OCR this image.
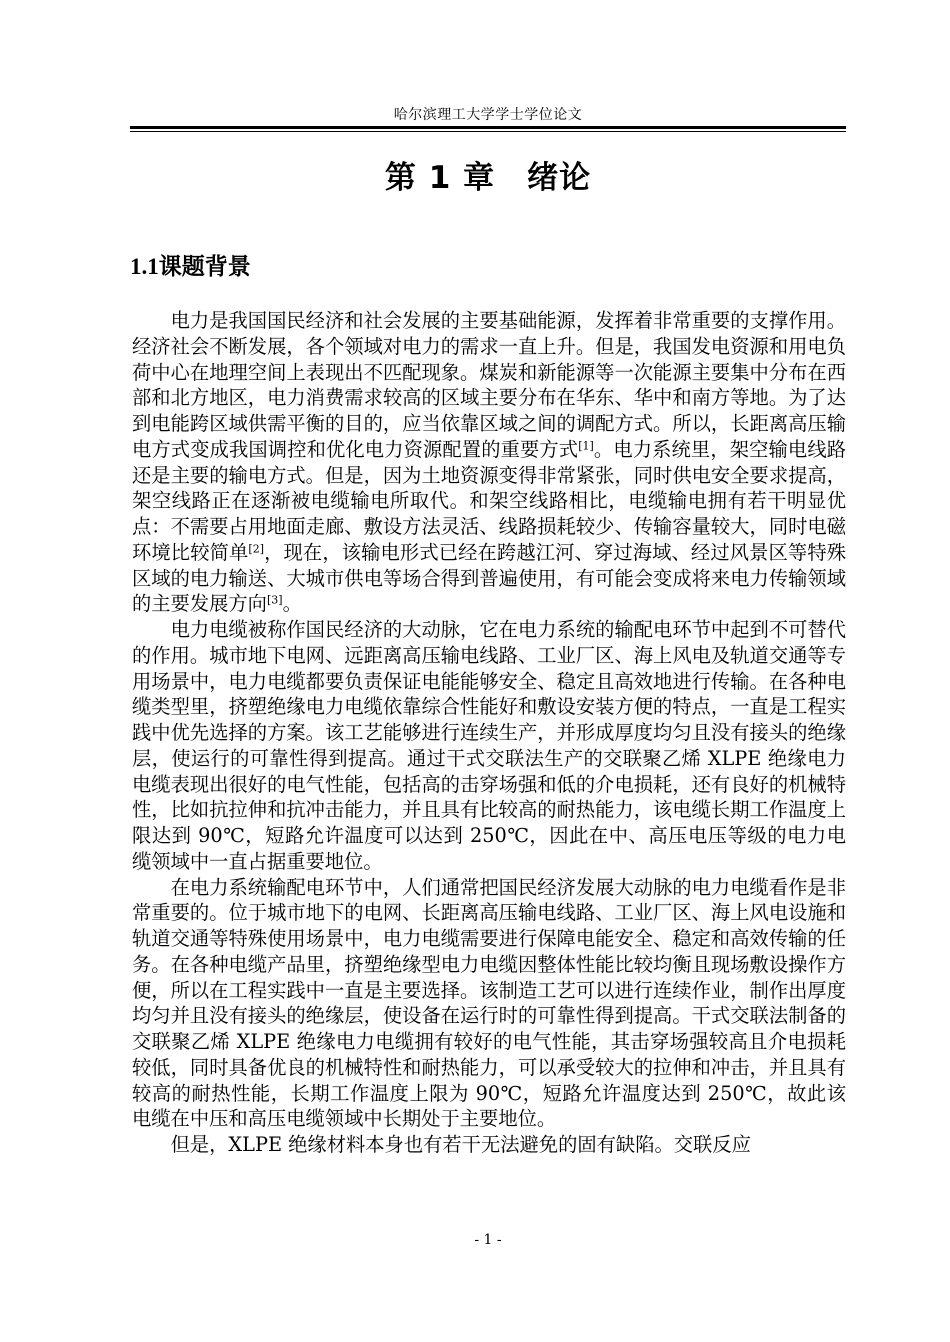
哈尔滨理工大学学士学位论文
第 1 章  绪论
1.1课题背景

电力是我国国民经济和社会发展的主要基础能源，发挥着非常重要的支撑作用。经济社会不断发展，各个领域对电力的需求一直上升。但是，我国发电资源和用电负荷中心在地理空间上表现出不匹配现象。煤炭和新能源等一次能源主要集中分布在西部和北方地区，电力消费需求较高的区域主要分布在华东、华中和南方等地。为了达到电能跨区域供需平衡的目的，应当依靠区域之间的调配方式。所以，长距离高压输电方式变成我国调控和优化电力资源配置的重要方式[1]。电力系统里，架空输电线路还是主要的输电方式。但是，因为土地资源变得非常紧张，同时供电安全要求提高，架空线路正在逐渐被电缆输电所取代。和架空线路相比，电缆输电拥有若干明显优点：不需要占用地面走廊、敷设方法灵活、线路损耗较少、传输容量较大，同时电磁环境比较简单[2]，现在，该输电形式已经在跨越江河、穿过海域、经过风景区等特殊区域的电力输送、大城市供电等场合得到普遍使用，有可能会变成将来电力传输领域的主要发展方向[3]。

电力电缆被称作国民经济的大动脉，它在电力系统的输配电环节中起到不可替代的作用。城市地下电网、远距离高压输电线路、工业厂区、海上风电及轨道交通等专用场景中，电力电缆都要负责保证电能能够安全、稳定且高效地进行传输。在各种电缆类型里，挤塑绝缘电力电缆依靠综合性能好和敷设安装方便的特点，一直是工程实践中优先选择的方案。该工艺能够进行连续生产，并形成厚度均匀且没有接头的绝缘层，使运行的可靠性得到提高。通过干式交联法生产的交联聚乙烯 XLPE 绝缘电力电缆表现出很好的电气性能，包括高的击穿场强和低的介电损耗，还有良好的机械特性，比如抗拉伸和抗冲击能力，并且具有比较高的耐热能力，该电缆长期工作温度上限达到 90℃，短路允许温度可以达到 250℃，因此在中、高压电压等级的电力电缆领域中一直占据重要地位。

在电力系统输配电环节中，人们通常把国民经济发展大动脉的电力电缆看作是非常重要的。位于城市地下的电网、长距离高压输电线路、工业厂区、海上风电设施和轨道交通等特殊使用场景中，电力电缆需要进行保障电能安全、稳定和高效传输的任务。在各种电缆产品里，挤塑绝缘型电力电缆因整体性能比较均衡且现场敷设操作方便，所以在工程实践中一直是主要选择。该制造工艺可以进行连续作业，制作出厚度均匀并且没有接头的绝缘层，使设备在运行时的可靠性得到提高。干式交联法制备的交联聚乙烯 XLPE 绝缘电力电缆拥有较好的电气性能，其击穿场强较高且介电损耗较低，同时具备优良的机械特性和耐热能力，可以承受较大的拉伸和冲击，并且具有较高的耐热性能，长期工作温度上限为 90℃，短路允许温度达到 250℃，故此该电缆在中压和高压电缆领域中长期处于主要地位。

但是，XLPE 绝缘材料本身也有若干无法避免的固有缺陷。交联反应

- 1 -
